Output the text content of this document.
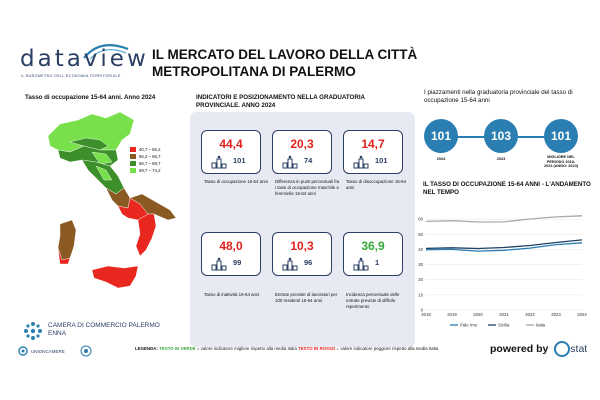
dataview
IL BAROMETRO DELL'ECONOMIA TERRITORIALE
IL MERCATO DEL LAVORO DELLA CITTÀ METROPOLITANA DI PALERMO
Tasso di occupazione 15-64 anni. Anno 2024
40,7 – 56,2
56,2 – 66,7
66,7 – 69,7
69,7 – 74,2
INDICATORI E POSIZIONAMENTO NELLA GRADUATORIA PROVINCIALE. ANNO 2024
44,4
101
20,3
74
14,7
101
Tasso di occupazione 15-64 anni	Differenza in punti percentuali fra i tassi di occupazione maschile e femminile 15-64 anni
Tasso di disoccupazione 15-64 anni
48,0
99
10,3
96
36,9
1
Tasso di inattività 15-64 anni	Entrate previste di lavoratori per 100 residenti 15-64 anni
Incidenza percentuale delle entrate previste di difficile reperimento
I piazzamenti nella graduatoria provinciale del tasso di occupazione 15-64 anni
101	103	101
2024	2023	MIGLIORE NEL PERIODO 2018-2024 (ANNO: 2024)
IL TASSO DI OCCUPAZIONE 15-64 ANNI - L'ANDAMENTO NEL TEMPO
0
10
20
30
40
50
60
2018	2019	2020	2021	2022	2023	2024
Pale rmo	Sicilia	Italia
CAMERA DI COMMERCIO PALERMO ENNA
UNIONCAMERE
LEGENDA: TESTO IN VERDE = valore indicatore migliore rispetto alla media Italia TESTO IN ROSSO = valore indicatore peggiore rispetto alla media Italia	powered by stat
